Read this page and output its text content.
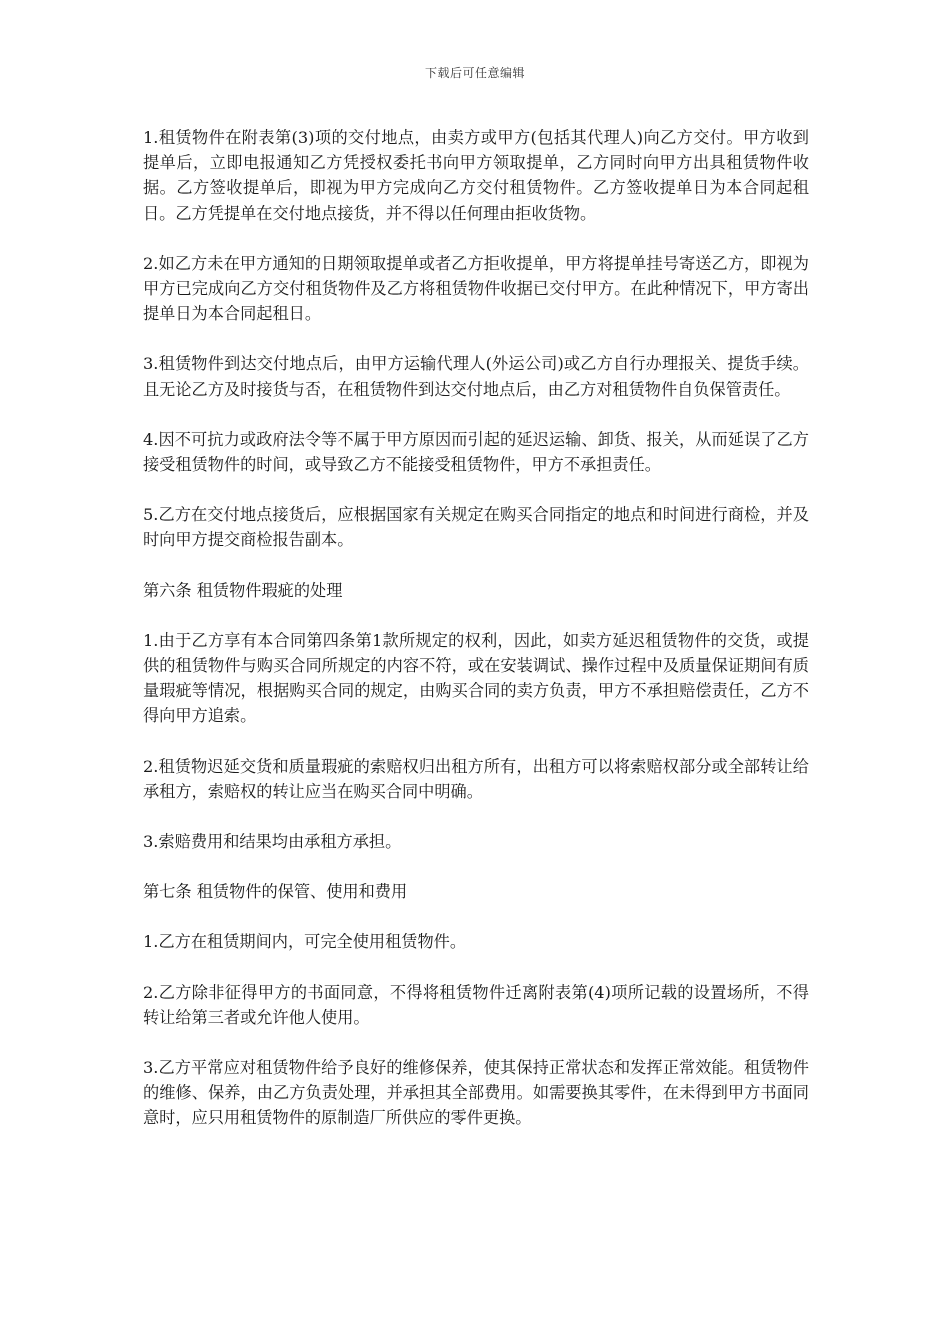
下载后可任意编辑

1.租赁物件在附表第(3)项的交付地点，由卖方或甲方(包括其代理人)向乙方交付。甲方收到提单后，立即电报通知乙方凭授权委托书向甲方领取提单，乙方同时向甲方出具租赁物件收据。乙方签收提单后，即视为甲方完成向乙方交付租赁物件。乙方签收提单日为本合同起租日。乙方凭提单在交付地点接货，并不得以任何理由拒收货物。

2.如乙方未在甲方通知的日期领取提单或者乙方拒收提单，甲方将提单挂号寄送乙方，即视为甲方已完成向乙方交付租货物件及乙方将租赁物件收据已交付甲方。在此种情况下，甲方寄出提单日为本合同起租日。

3.租赁物件到达交付地点后，由甲方运输代理人(外运公司)或乙方自行办理报关、提货手续。且无论乙方及时接货与否，在租赁物件到达交付地点后，由乙方对租赁物件自负保管责任。

4.因不可抗力或政府法令等不属于甲方原因而引起的延迟运输、卸货、报关，从而延误了乙方接受租赁物件的时间，或导致乙方不能接受租赁物件，甲方不承担责任。

5.乙方在交付地点接货后，应根据国家有关规定在购买合同指定的地点和时间进行商检，并及时向甲方提交商检报告副本。

第六条 租赁物件瑕疵的处理

1.由于乙方享有本合同第四条第1款所规定的权利，因此，如卖方延迟租赁物件的交货，或提供的租赁物件与购买合同所规定的内容不符，或在安装调试、操作过程中及质量保证期间有质量瑕疵等情况，根据购买合同的规定，由购买合同的卖方负责，甲方不承担赔偿责任，乙方不得向甲方追索。

2.租赁物迟延交货和质量瑕疵的索赔权归出租方所有，出租方可以将索赔权部分或全部转让给承租方，索赔权的转让应当在购买合同中明确。

3.索赔费用和结果均由承租方承担。

第七条 租赁物件的保管、使用和费用

1.乙方在租赁期间内，可完全使用租赁物件。

2.乙方除非征得甲方的书面同意，不得将租赁物件迁离附表第(4)项所记载的设置场所，不得转让给第三者或允许他人使用。

3.乙方平常应对租赁物件给予良好的维修保养，使其保持正常状态和发挥正常效能。租赁物件的维修、保养，由乙方负责处理，并承担其全部费用。如需要换其零件，在未得到甲方书面同意时，应只用租赁物件的原制造厂所供应的零件更换。
